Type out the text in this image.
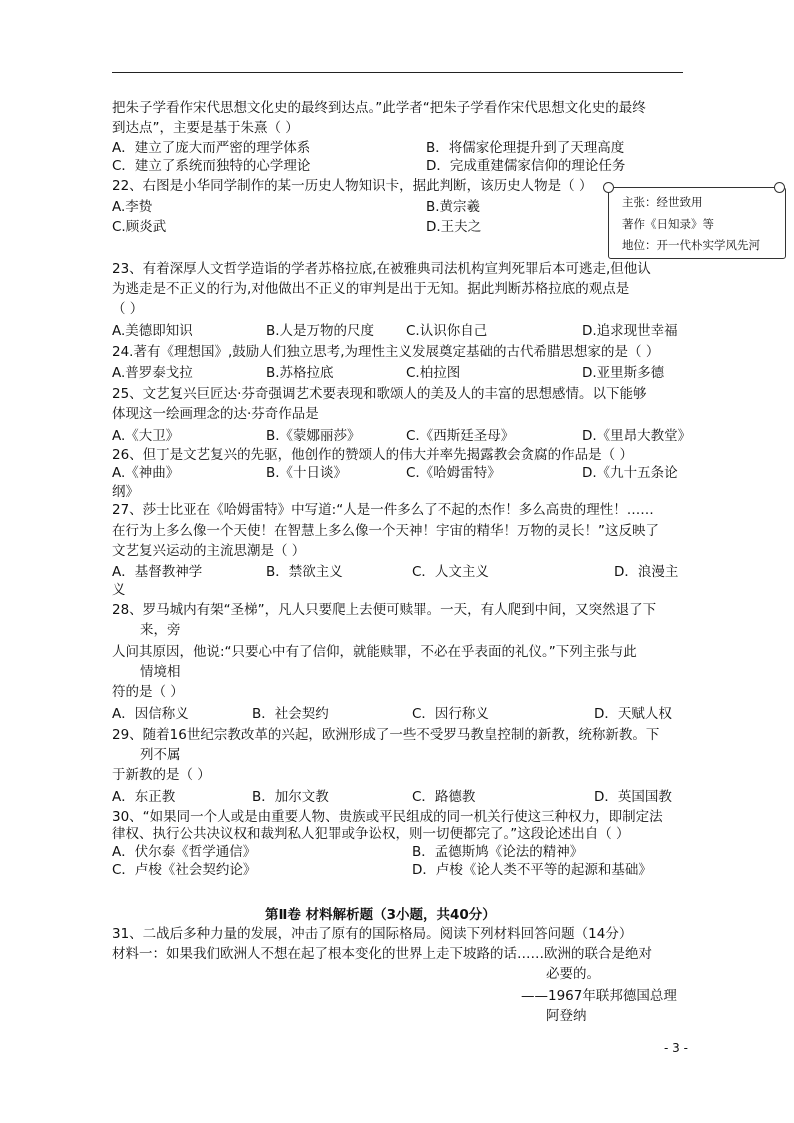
把朱子学看作宋代思想文化史的最终到达点。”此学者“把朱子学看作宋代思想文化史的最终
到达点”，主要是基于朱熹（ ）
A．建立了庞大而严密的理学体系	B．将儒家伦理提升到了天理高度
C．建立了系统而独特的心学理论	D．完成重建儒家信仰的理论任务
22、右图是小华同学制作的某一历史人物知识卡，据此判断，该历史人物是（ ）
A.李贽	B.黄宗羲
C.顾炎武	D.王夫之
主张：经世致用
著作《日知录》等
地位：开一代朴实学风先河
23、有着深厚人文哲学造诣的学者苏格拉底,在被雅典司法机构宣判死罪后本可逃走,但他认
为逃走是不正义的行为,对他做出不正义的审判是出于无知。据此判断苏格拉底的观点是
（ ）
A.美德即知识	B.人是万物的尺度 C.认识你自己	D.追求现世幸福
24.著有《理想国》,鼓励人们独立思考,为理性主义发展奠定基础的古代希腊思想家的是（ ）
A.普罗泰戈拉	B.苏格拉底	C.柏拉图	D.亚里斯多德
25、文艺复兴巨匠达·芬奇强调艺术要表现和歌颂人的美及人的丰富的思想感情。以下能够
体现这一绘画理念的达·芬奇作品是
A.《大卫》	B.《蒙娜丽莎》	C.《西斯廷圣母》	D.《里昂大教堂》
26、但丁是文艺复兴的先驱，他创作的赞颂人的伟大并率先揭露教会贪腐的作品是（ ）
A.《神曲》	B.《十日谈》	C.《哈姆雷特》	D.《九十五条论
纲》
27、莎士比亚在《哈姆雷特》中写道:“人是一件多么了不起的杰作！多么高贵的理性！……
在行为上多么像一个天使！在智慧上多么像一个天神！宇宙的精华！万物的灵长！”这反映了
文艺复兴运动的主流思潮是（ ）
A．基督教神学	B．禁欲主义	C．人文主义	D．浪漫主
义
28、罗马城内有架“圣梯”，凡人只要爬上去便可赎罪。一天，有人爬到中间，又突然退了下
来，旁
人问其原因，他说:“只要心中有了信仰，就能赎罪，不必在乎表面的礼仪。”下列主张与此
情境相
符的是（ ）
A．因信称义	B．社会契约	C．因行称义	D．天赋人权
29、随着16世纪宗教改革的兴起，欧洲形成了一些不受罗马教皇控制的新教，统称新教。下
列不属
于新教的是（ ）
A．东正教	B．加尔文教	C．路德教	D．英国国教
30、“如果同一个人或是由重要人物、贵族或平民组成的同一机关行使这三种权力，即制定法
律权、执行公共决议权和裁判私人犯罪或争讼权，则一切便都完了。”这段论述出自（ ）
A．伏尔泰《哲学通信》	B．孟德斯鸠《论法的精神》
C．卢梭《社会契约论》	D．卢梭《论人类不平等的起源和基础》
第Ⅱ卷 材料解析题（3小题，共40分）
31、二战后多种力量的发展，冲击了原有的国际格局。阅读下列材料回答问题（14分）
材料一：如果我们欧洲人不想在起了根本变化的世界上走下坡路的话……欧洲的联合是绝对
必要的。
——1967年联邦德国总理
阿登纳
- 3 -
